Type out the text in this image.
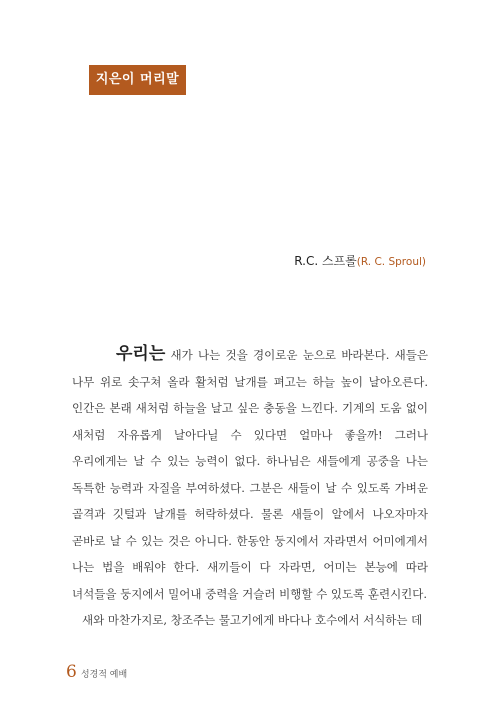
지은이 머리말
R.C. 스프롤(R. C. Sproul)

우리는 새가 나는 것을 경이로운 눈으로 바라본다. 새들은 나무 위로 솟구쳐 올라 활처럼 날개를 펴고는 하늘 높이 날아오른다. 인간은 본래 새처럼 하늘을 날고 싶은 충동을 느낀다. 기계의 도움 없이 새처럼 자유롭게 날아다닐 수 있다면 얼마나 좋을까! 그러나 우리에게는 날 수 있는 능력이 없다. 하나님은 새들에게 공중을 나는 독특한 능력과 자질을 부여하셨다. 그분은 새들이 날 수 있도록 가벼운 골격과 깃털과 날개를 허락하셨다. 물론 새들이 알에서 나오자마자 곧바로 날 수 있는 것은 아니다. 한동안 둥지에서 자라면서 어미에게서 나는 법을 배워야 한다. 새끼들이 다 자라면, 어미는 본능에 따라 녀석들을 둥지에서 밀어내 중력을 거슬러 비행할 수 있도록 훈련시킨다.

새와 마찬가지로, 창조주는 물고기에게 바다나 호수에서 서식하는 데

6 성경적 예배
